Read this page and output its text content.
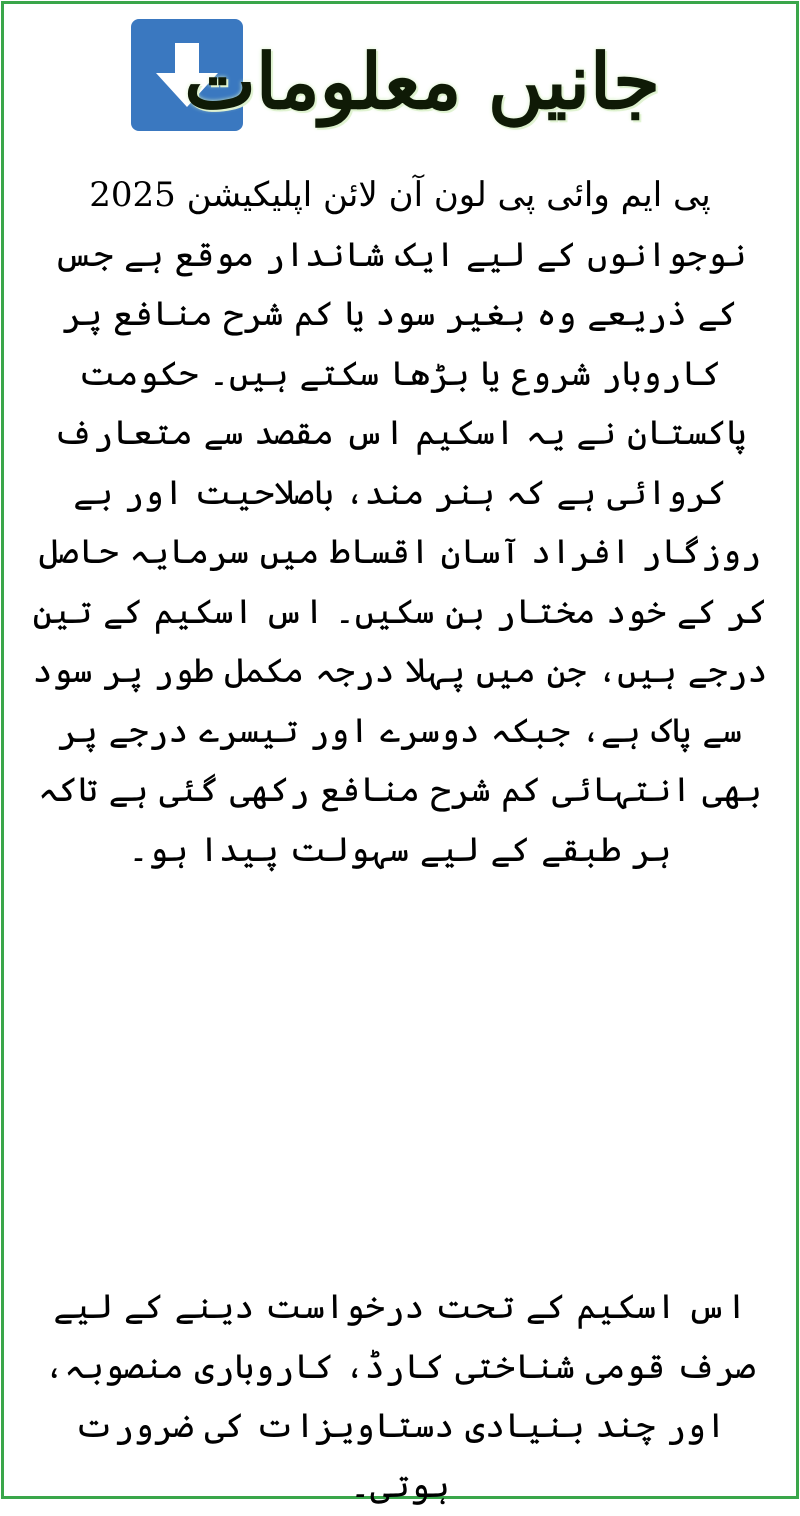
جانیں معلومات

پی ایم وائی پی لون آن لائن اپلیکیشن 2025 نوجوانوں کے لیے ایک شاندار موقع ہے جس کے ذریعے وہ بغیر سود یا کم شرح منافع پر کاروبار شروع یا بڑھا سکتے ہیں۔ حکومت پاکستان نے یہ اسکیم اس مقصد سے متعارف کروائی ہے کہ ہنر مند، باصلاحیت اور بے روزگار افراد آسان اقساط میں سرمایہ حاصل کر کے خود مختار بن سکیں۔ اس اسکیم کے تین درجے ہیں، جن میں پہلا درجہ مکمل طور پر سود سے پاک ہے، جبکہ دوسرے اور تیسرے درجے پر بھی انتہائی کم شرح منافع رکھی گئی ہے تاکہ ہر طبقے کے لیے سہولت پیدا ہو۔

اس اسکیم کے تحت درخواست دینے کے لیے صرف قومی شناختی کارڈ، کاروباری منصوبہ، اور چند بنیادی دستاویزات کی ضرورت ہوتی۔
